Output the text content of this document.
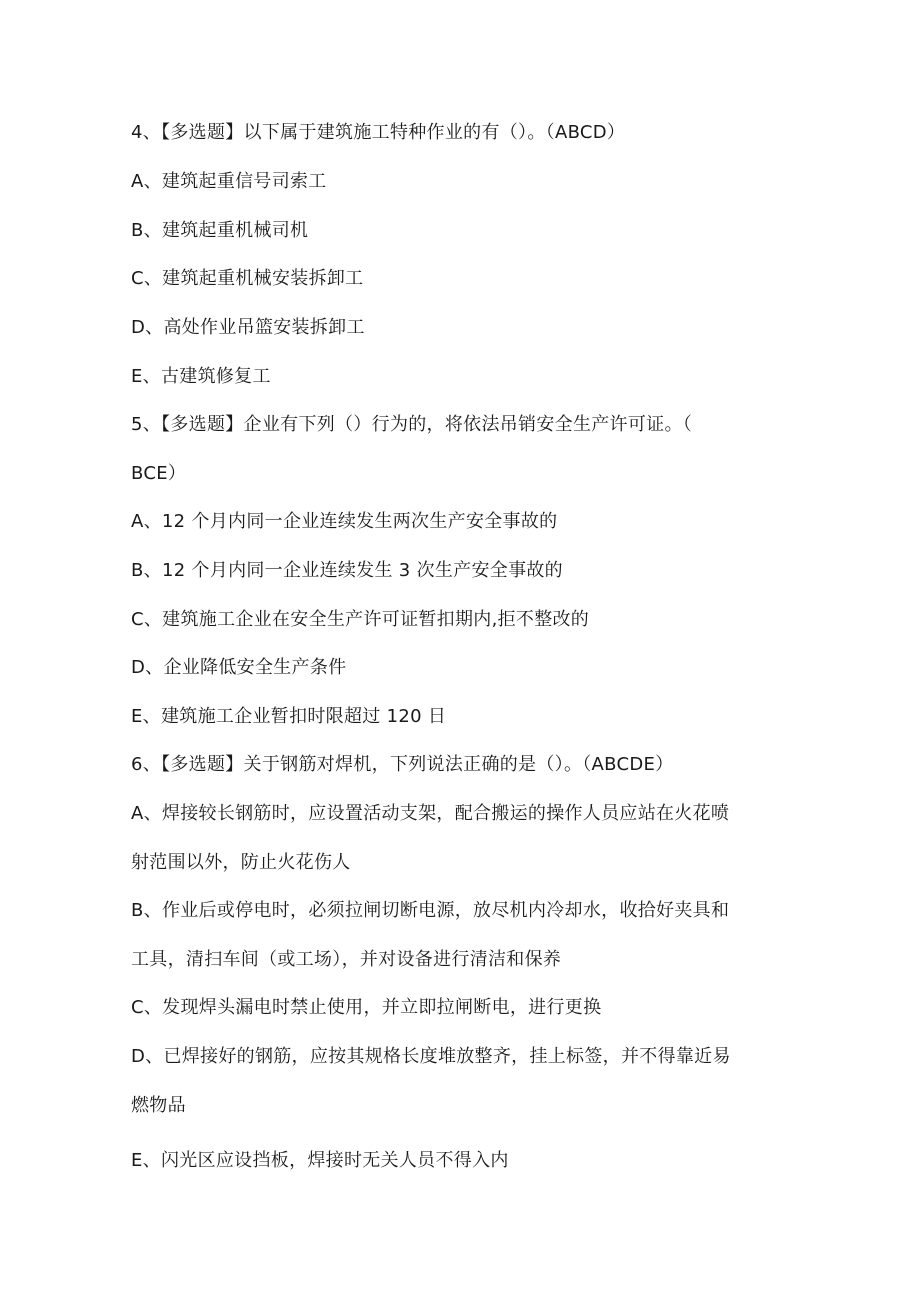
4、【多选题】以下属于建筑施工特种作业的有（）。（ABCD）
A、建筑起重信号司索工
B、建筑起重机械司机
C、建筑起重机械安装拆卸工
D、高处作业吊篮安装拆卸工
E、古建筑修复工
5、【多选题】企业有下列（）行为的，将依法吊销安全生产许可证。（
BCE）
A、12 个月内同一企业连续发生两次生产安全事故的
B、12 个月内同一企业连续发生 3 次生产安全事故的
C、建筑施工企业在安全生产许可证暂扣期内,拒不整改的
D、企业降低安全生产条件
E、建筑施工企业暂扣时限超过 120 日
6、【多选题】关于钢筋对焊机，下列说法正确的是（）。（ABCDE）
A、焊接较长钢筋时，应设置活动支架，配合搬运的操作人员应站在火花喷
射范围以外，防止火花伤人
B、作业后或停电时，必须拉闸切断电源，放尽机内冷却水，收拾好夹具和
工具，清扫车间（或工场），并对设备进行清洁和保养
C、发现焊头漏电时禁止使用，并立即拉闸断电，进行更换
D、已焊接好的钢筋，应按其规格长度堆放整齐，挂上标签，并不得靠近易
燃物品
E、闪光区应设挡板，焊接时无关人员不得入内
